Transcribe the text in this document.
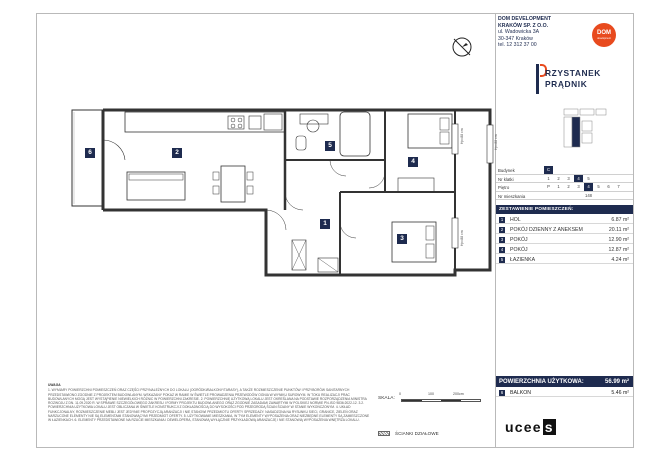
DOM DEVELOPMENT
KRAKÓW SP. Z O.O.
ul. Wadowicka 3A
30-347 Kraków
tel. 12 312 37 00
DOM
development
RZYSTANEK
PRĄDNIK
Budynek	C
Nr klatki	1	2	3	4	5
Piętro	P	1	2	3	4	5	6	7
Nr mieszkania	148
ZESTAWIENIE POMIESZCZEŃ:
1	HOL	6.87 m²
2	POKÓJ DZIENNY Z ANEKSEM	20.11 m²
3	POKÓJ	12.90 m²
4	POKÓJ	12.87 m²
5	ŁAZIENKA	4.24 m²
POWIERZCHNIA UŻYTKOWA:	56.99 m²
6	BALKON	5.46 m²
ucee s
UWAGA
1. WYMIARY POWIERZCHNI POMIESZCZEŃ ORAZ CZĘŚCI PRZYNALEŻNYCH DO LOKALU (OGRÓDKI/BALKONY/TARASY), A TAKŻE ROZMIESZCZENIE PUNKTÓW I PRZYBORÓW SANITARNYCH PRZEDSTAWIONO ZGODNIE Z PROJEKTEM BUDOWLANYM. WSKAZANY POKAZ W RAMIE W ŚWIETLE PROWADZENIA PRZEWODÓW OGNIA W WYNIKU SUROWYM. W TOKU REALIZACJI PRAC BUDOWLANYCH MOGĄ JEST WYSTĄPIENIE NIEWIELKICH RÓŻNIC W POWIERZCHNI ZAKRESIE. 2. POWIERZCHNIĘ UŻYTKOWĄ LOKALU JEST OKREŚLANA NA PODSTAWIE ROZPORZĄDZENIA MINISTRA ROZWOJU Z DN. 11.09.2020 R. W SPRAWIE SZCZEGÓŁOWEGO ZAKRESU I FORMY PROJEKTU BUDOWLANEGO ORAZ ZGODNIE ZASADAMI ZAWARTYMI W POLSKIEJ NORMIE PN-ISO 9836:2022-12. 3.2. POWIERZCHNIA UŻYTKOWA LOKALU JEST OBLICZANA W ŚWIETLE KONSTRUKCJI Z DOKŁADNOŚCIĄ DO WYSOKOŚCI POD PRZEGRODĄ ŚCIAN ŚCIANY W STANIE WYKOŃCZONYM. 4. UKŁAD FUNKCJONALNY, ROZMIESZCZENIE MEBLI JEST JEDYNIE PROPOZYCJĄ ARANŻACJI I NIE STANOWI PRZEDMIOTU OFERTY SPRZEDAŻY. NASADZONA NA RYSUNKU SIECI, GRANICE, ZIELEŃ ORAZ NARZUCONE ELEMENTY NIE SĄ ELEMENTAMI STANOWIĄCYMI PRZEDMIOT OFERTY. 5. UŻYTKOWANIE MIESZKANIA, W TYM ELEMENTY WYPOSAŻENIA ORAZ NIEZBĘDNE ELEMENTY SĄ ZAMIESZCZONE W ŁAZIENKACH. 6. ELEMENTY PRZEDSTAWIONE NA RZUCIE MIESZKANIA I DEWELOPERA, STANOWIĄ WYŁĄCZNIE PRZYKŁADOWĄ ARANŻACJĘ I NIE STANOWIĄ WYPOSAŻENIA WNĘTRZA LOKALU.
SKALA:
0	100	200cm
ŚCIANKI DZIAŁOWE
Hp=88 cm
Hp=88 cm
Hp=88 cm
1
2
3
4
5
6
